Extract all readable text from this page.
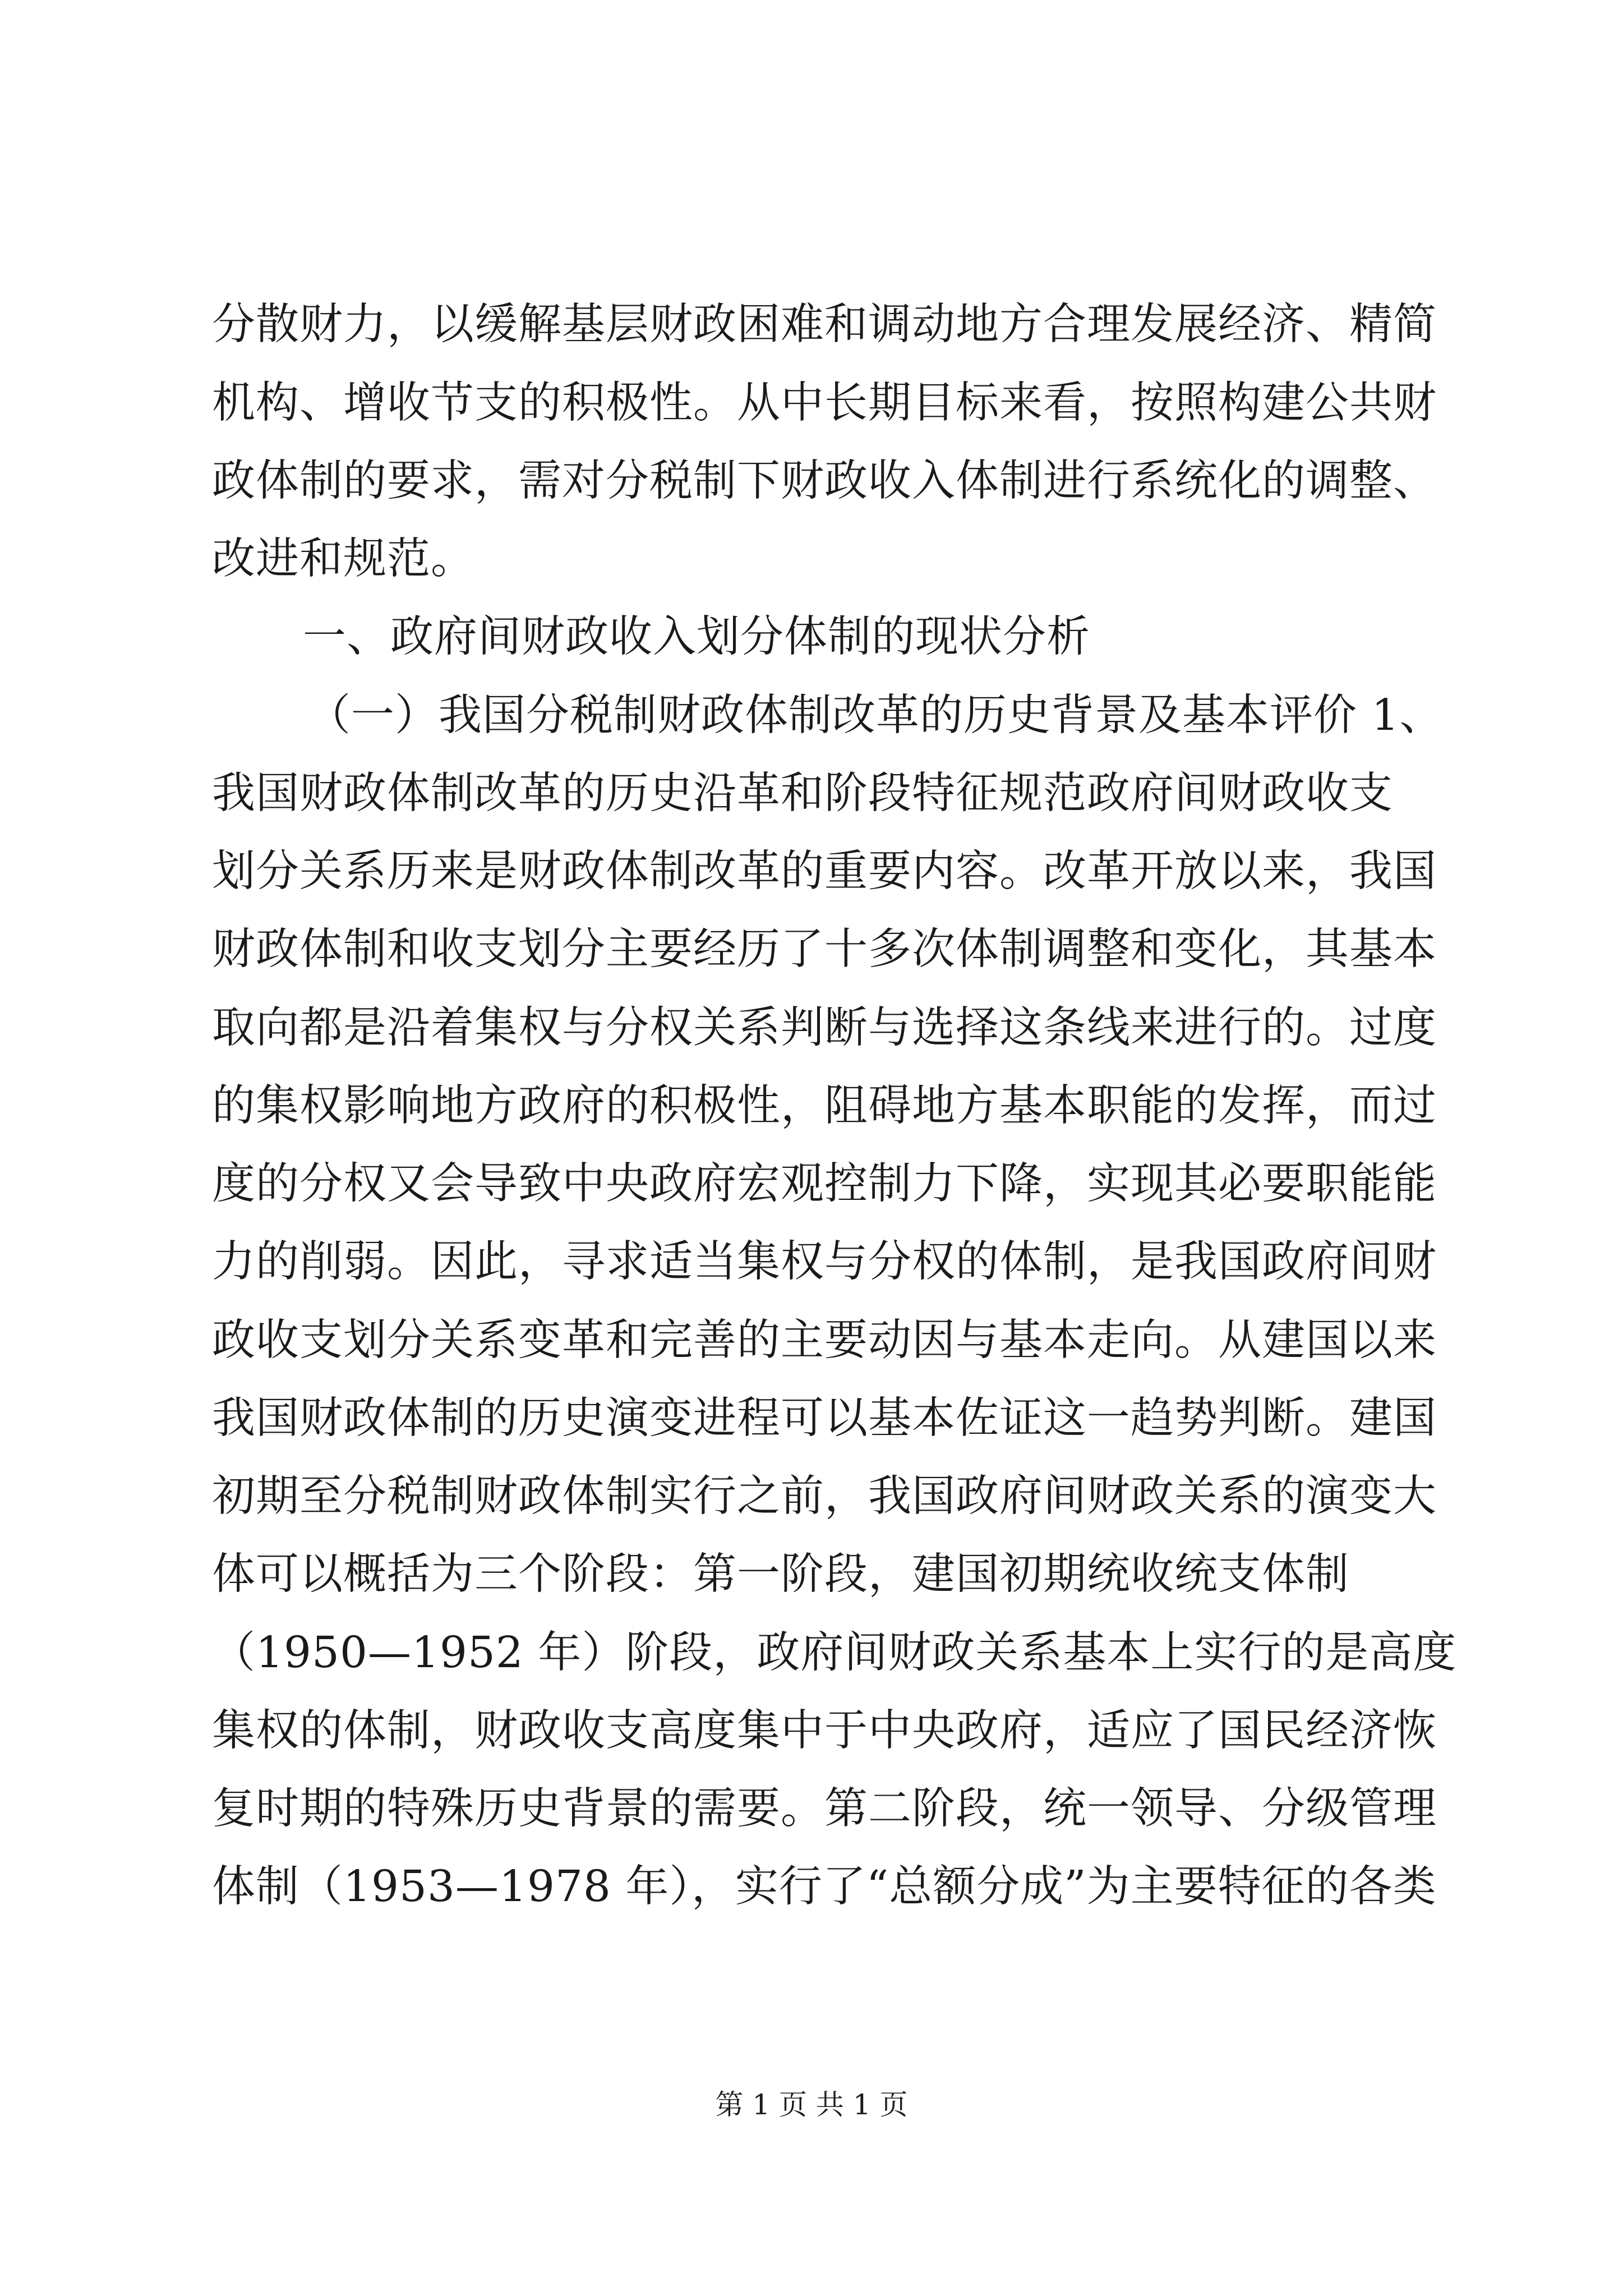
分散财力，以缓解基层财政困难和调动地方合理发展经济、精简
机构、增收节支的积极性。从中长期目标来看，按照构建公共财
政体制的要求，需对分税制下财政收入体制进行系统化的调整、
改进和规范。
一、政府间财政收入划分体制的现状分析
（一）我国分税制财政体制改革的历史背景及基本评价 1、
我国财政体制改革的历史沿革和阶段特征规范政府间财政收支
划分关系历来是财政体制改革的重要内容。改革开放以来，我国
财政体制和收支划分主要经历了十多次体制调整和变化，其基本
取向都是沿着集权与分权关系判断与选择这条线来进行的。过度
的集权影响地方政府的积极性，阻碍地方基本职能的发挥，而过
度的分权又会导致中央政府宏观控制力下降，实现其必要职能能
力的削弱。因此，寻求适当集权与分权的体制，是我国政府间财
政收支划分关系变革和完善的主要动因与基本走向。从建国以来
我国财政体制的历史演变进程可以基本佐证这一趋势判断。建国
初期至分税制财政体制实行之前，我国政府间财政关系的演变大
体可以概括为三个阶段：第一阶段，建国初期统收统支体制
（1950—1952 年）阶段，政府间财政关系基本上实行的是高度
集权的体制，财政收支高度集中于中央政府，适应了国民经济恢
复时期的特殊历史背景的需要。第二阶段，统一领导、分级管理
体制（1953—1978 年），实行了“总额分成”为主要特征的各类
第 1 页 共 1 页
